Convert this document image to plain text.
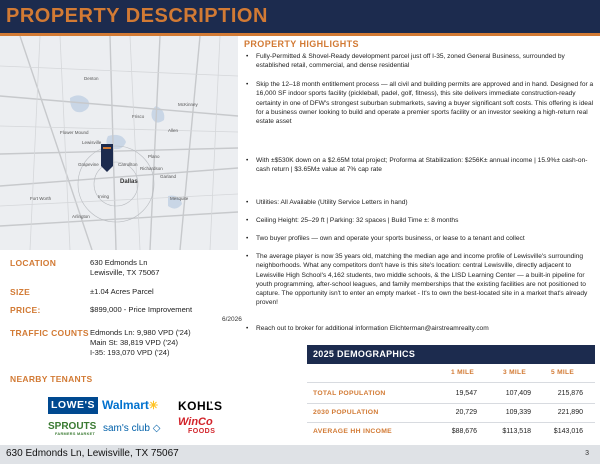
PROPERTY DESCRIPTION
Denton
Lewisville
Plano
Allen
McKinney
Frisco
Irving
Dallas
Garland
Mesquite
Arlington
Fort Worth
Carrollton
Grapevine
Richardson
Flower Mound
LOCATION	630 Edmonds Ln
Lewisville, TX 75067
SIZE	±1.04 Acres Parcel
PRICE:	$899,000 - Price Improvement
6/2026
TRAFFIC COUNTS Edmonds Ln: 9,980 VPD ('24)
Main St: 38,819 VPD ('24)
I-35: 193,070 VPD ('24)
NEARBY TENANTS
LOWE'S Walmart✳ KOHĽS
SPROUTS
FARMERS MARKET sam's club ◇
WinCo
FOODS
PROPERTY HIGHLIGHTS
• Fully-Permitted & Shovel-Ready development parcel just off I-35, zoned General Business, surrounded by established retail, commercial, and dense residential
• Skip the 12–18 month entitlement process — all civil and building permits are approved and in hand. Designed for a 16,000 SF indoor sports facility (pickleball, padel, golf, fitness), this site delivers immediate construction-ready certainty in one of DFW's strongest suburban submarkets, saving a buyer significant soft costs. This offering is ideal for a business owner looking to build and operate a premier sports facility or an investor seeking a high-return real estate asset
• With ±$530K down on a $2.65M total project; Proforma at Stabilization: $256K± annual income | 15.9%± cash-on-cash return | $3.65M± value at 7% cap rate
• Utilities: All Available (Utility Service Letters in hand)
• Ceiling Height: 25–29 ft | Parking: 32 spaces | Build Time ±: 8 months
• Two buyer profiles — own and operate your sports business, or lease to a tenant and collect
• The average player is now 35 years old, matching the median age and income profile of Lewisville's surrounding neighborhoods. What any competitors don't have is this site's location: central Lewisville, directly adjacent to Lewisville High School's 4,162 students, two middle schools, & the LISD Learning Center — a built-in pipeline for youth programming, after-school leagues, and family memberships that the existing facilities are not positioned to capture. The opportunity isn't to enter an empty market - It's to own the best-located site in a market that's already proven!
• Reach out to broker for additional information Elichterman@airstreamrealty.com
2025 DEMOGRAPHICS
1 MILE	3 MILE	5 MILE
TOTAL POPULATION	19,547	107,409	215,876
2030 POPULATION	20,729	109,339	221,890
AVERAGE HH INCOME	$88,676	$113,518	$143,016
630 Edmonds Ln, Lewisville, TX 75067	3
